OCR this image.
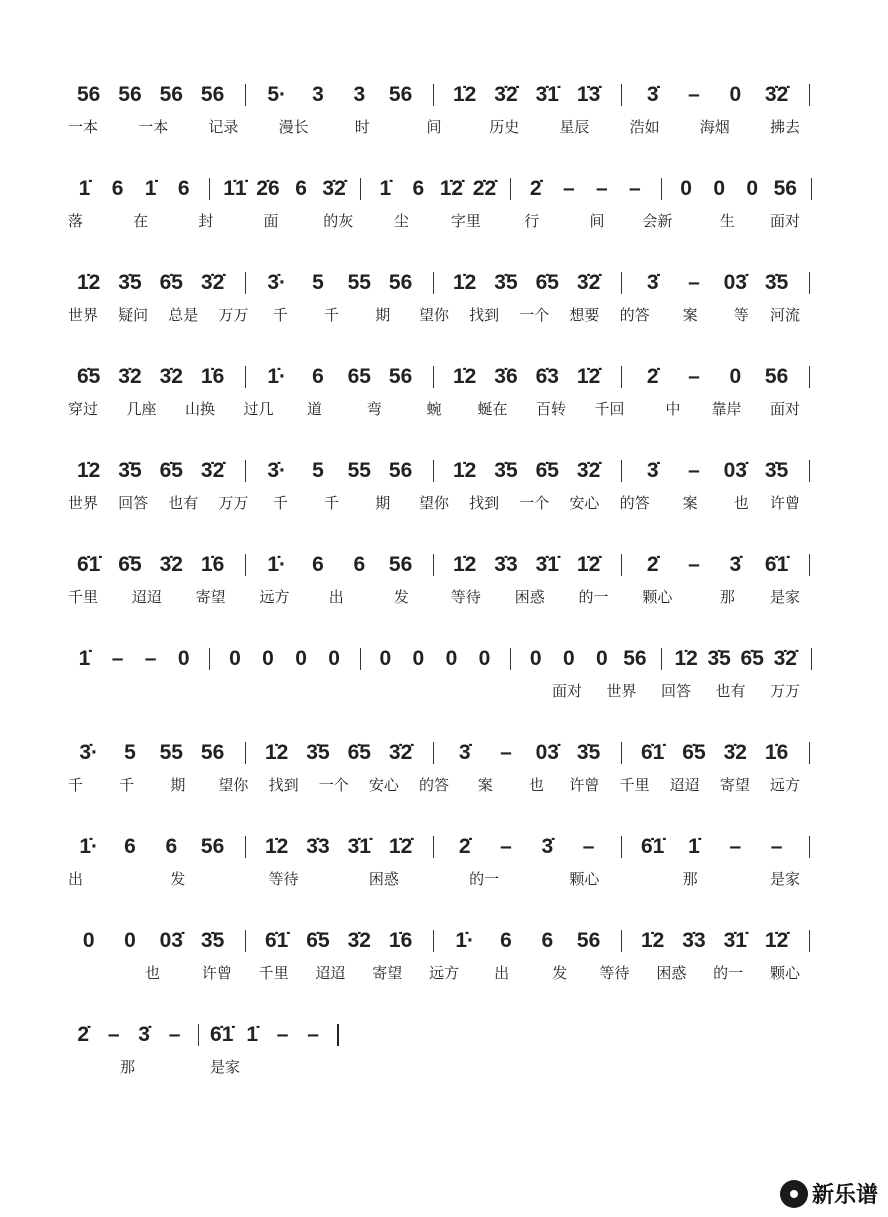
56 56 56 56 5· 3 3 56 1̇2 3̇2̇ 3̇1̇ 1̇3̇ 3̇ – 0 3̇2̇
一本	一本	记录	漫长	时	间	历史	星辰	浩如	海烟	拂去
1̇ 6 1̇ 6 1̇1̇ 2̇6 6 3̇2̇ 1̇ 6 1̇2̇ 2̇2̇ 2̇ – – – 0 0 0 56
落	在	封	面	的灰	尘	字里	行	间	会新	生 面对
1̇2 3̇5 6̇5 3̇2̇ 3̇· 5 55 56 1̇2 3̇5 6̇5 3̇2̇ 3̇ – 03̇ 3̇5
世界 疑问 总是 万万 千 千 期 望你 找到 一个 想要 的答 案 等 河流
6̇5 3̇2 3̇2 1̇6 1̇· 6 65 56 1̇2 3̇6 6̇3 1̇2̇ 2̇ – 0 56
穿过 几座 山换 过几 道	弯	蜿 蜒在 百转 千回	中 靠岸 面对
1̇2 3̇5 6̇5 3̇2̇ 3̇· 5 55 56 1̇2 3̇5 6̇5 3̇2̇ 3̇ – 03̇ 3̇5
世界 回答 也有 万万 千 千 期 望你 找到 一个 安心 的答 案 也 许曾
6̇1̇ 6̇5 3̇2 1̇6 1̇· 6 6 56 1̇2 3̇3 3̇1̇ 1̇2̇ 2̇ – 3̇ 6̇1̇
千里 迢迢 寄望 远方	出	发	等待 困惑 的一 颗心	那 是家
1̇ – – 0 0 0 0 0 0 0 0 0 0 0 0 56 1̇2 3̇5 6̇5 3̇2̇
面对 世界 回答 也有 万万
3̇· 5 55 56 1̇2 3̇5 6̇5 3̇2̇ 3̇ – 03̇ 3̇5 6̇1̇ 6̇5 3̇2 1̇6
千 千 期 望你 找到 一个 安心 的答 案 也 许曾 千里 迢迢 寄望 远方
1̇· 6 6 56 1̇2 3̇3 3̇1̇ 1̇2̇ 2̇ – 3̇ – 6̇1̇ 1̇ – –
出	发	等待	困惑	的一	颗心	那	是家
0 0 03̇ 3̇5 6̇1̇ 6̇5 3̇2 1̇6 1̇· 6 6 56 1̇2 3̇3 3̇1̇ 1̇2̇
也	许曾 千里 迢迢 寄望 远方 出	发 等待 困惑 的一 颗心
2̇ – 3̇ – 6̇1̇ 1̇ – –
那	是家
新乐谱
